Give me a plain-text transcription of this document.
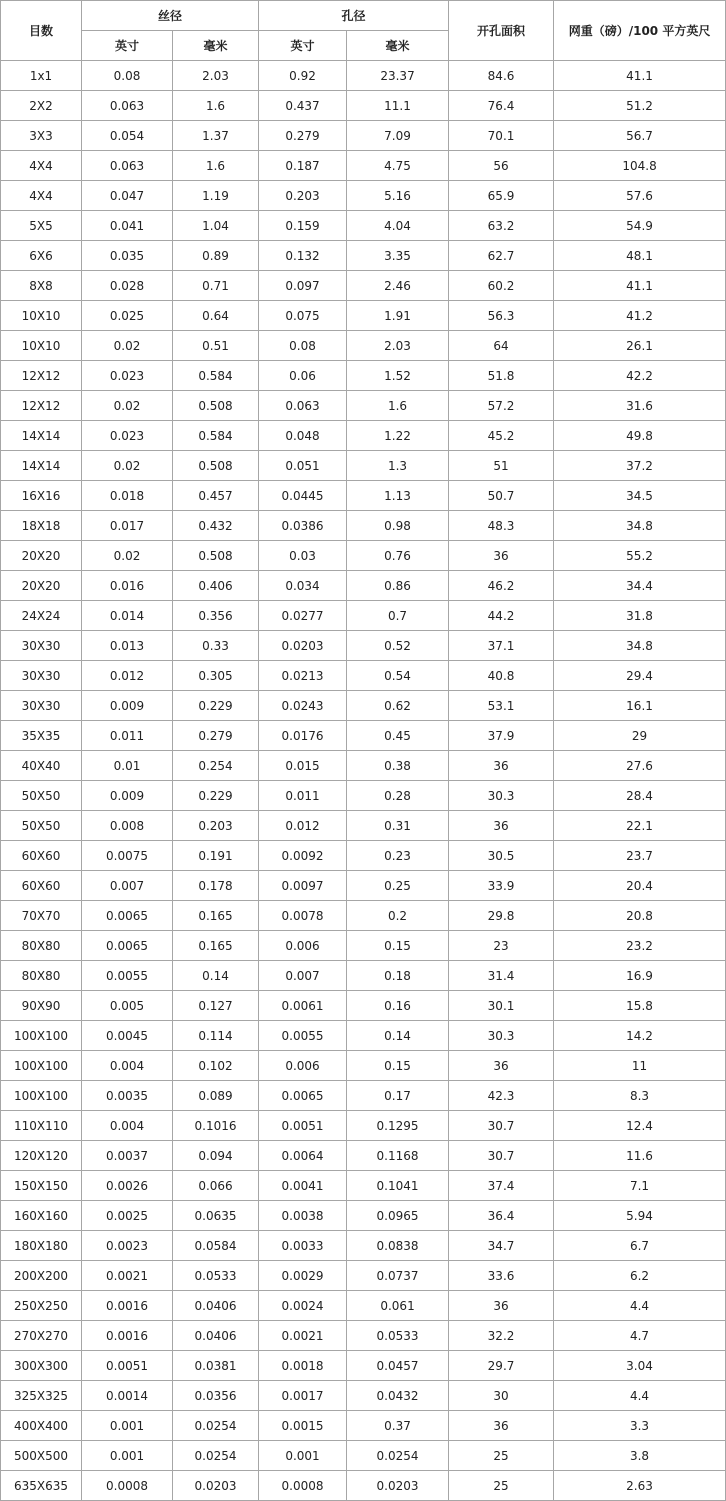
目数	丝径		孔径		开孔面积	网重（磅）/100 平方英尺
	英寸	毫米	英寸	毫米		
1x1	0.08	2.03	0.92	23.37	84.6	41.1
2X2	0.063	1.6	0.437	11.1	76.4	51.2
3X3	0.054	1.37	0.279	7.09	70.1	56.7
4X4	0.063	1.6	0.187	4.75	56	104.8
4X4	0.047	1.19	0.203	5.16	65.9	57.6
5X5	0.041	1.04	0.159	4.04	63.2	54.9
6X6	0.035	0.89	0.132	3.35	62.7	48.1
8X8	0.028	0.71	0.097	2.46	60.2	41.1
10X10	0.025	0.64	0.075	1.91	56.3	41.2
10X10	0.02	0.51	0.08	2.03	64	26.1
12X12	0.023	0.584	0.06	1.52	51.8	42.2
12X12	0.02	0.508	0.063	1.6	57.2	31.6
14X14	0.023	0.584	0.048	1.22	45.2	49.8
14X14	0.02	0.508	0.051	1.3	51	37.2
16X16	0.018	0.457	0.0445	1.13	50.7	34.5
18X18	0.017	0.432	0.0386	0.98	48.3	34.8
20X20	0.02	0.508	0.03	0.76	36	55.2
20X20	0.016	0.406	0.034	0.86	46.2	34.4
24X24	0.014	0.356	0.0277	0.7	44.2	31.8
30X30	0.013	0.33	0.0203	0.52	37.1	34.8
30X30	0.012	0.305	0.0213	0.54	40.8	29.4
30X30	0.009	0.229	0.0243	0.62	53.1	16.1
35X35	0.011	0.279	0.0176	0.45	37.9	29
40X40	0.01	0.254	0.015	0.38	36	27.6
50X50	0.009	0.229	0.011	0.28	30.3	28.4
50X50	0.008	0.203	0.012	0.31	36	22.1
60X60	0.0075	0.191	0.0092	0.23	30.5	23.7
60X60	0.007	0.178	0.0097	0.25	33.9	20.4
70X70	0.0065	0.165	0.0078	0.2	29.8	20.8
80X80	0.0065	0.165	0.006	0.15	23	23.2
80X80	0.0055	0.14	0.007	0.18	31.4	16.9
90X90	0.005	0.127	0.0061	0.16	30.1	15.8
100X100	0.0045	0.114	0.0055	0.14	30.3	14.2
100X100	0.004	0.102	0.006	0.15	36	11
100X100	0.0035	0.089	0.0065	0.17	42.3	8.3
110X110	0.004	0.1016	0.0051	0.1295	30.7	12.4
120X120	0.0037	0.094	0.0064	0.1168	30.7	11.6
150X150	0.0026	0.066	0.0041	0.1041	37.4	7.1
160X160	0.0025	0.0635	0.0038	0.0965	36.4	5.94
180X180	0.0023	0.0584	0.0033	0.0838	34.7	6.7
200X200	0.0021	0.0533	0.0029	0.0737	33.6	6.2
250X250	0.0016	0.0406	0.0024	0.061	36	4.4
270X270	0.0016	0.0406	0.0021	0.0533	32.2	4.7
300X300	0.0051	0.0381	0.0018	0.0457	29.7	3.04
325X325	0.0014	0.0356	0.0017	0.0432	30	4.4
400X400	0.001	0.0254	0.0015	0.37	36	3.3
500X500	0.001	0.0254	0.001	0.0254	25	3.8
635X635	0.0008	0.0203	0.0008	0.0203	25	2.63
